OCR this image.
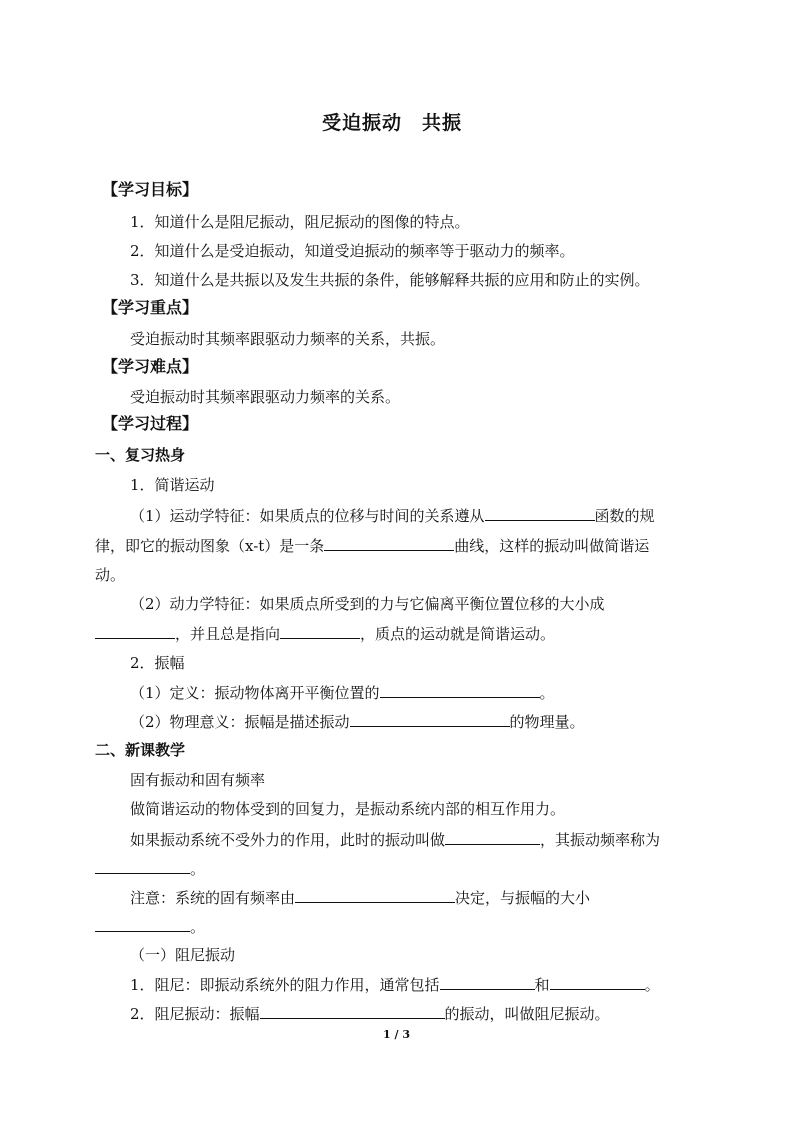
受迫振动　共振
【学习目标】
1．知道什么是阻尼振动，阻尼振动的图像的特点。
2．知道什么是受迫振动，知道受迫振动的频率等于驱动力的频率。
3．知道什么是共振以及发生共振的条件，能够解释共振的应用和防止的实例。
【学习重点】
受迫振动时其频率跟驱动力频率的关系，共振。
【学习难点】
受迫振动时其频率跟驱动力频率的关系。
【学习过程】
一、复习热身
1．简谐运动
（1）运动学特征：如果质点的位移与时间的关系遵从	函数的规
律，即它的振动图象（x-t）是一条	曲线，这样的振动叫做简谐运
动。
（2）动力学特征：如果质点所受到的力与它偏离平衡位置位移的大小成
，并且总是指向	，质点的运动就是简谐运动。
2．振幅
（1）定义：振动物体离开平衡位置的	。
（2）物理意义：振幅是描述振动	的物理量。
二、新课教学
固有振动和固有频率
做简谐运动的物体受到的回复力，是振动系统内部的相互作用力。
如果振动系统不受外力的作用，此时的振动叫做	，其振动频率称为
。
注意：系统的固有频率由	决定，与振幅的大小
。
（一）阻尼振动
1．阻尼：即振动系统外的阻力作用，通常包括	和	。
2．阻尼振动：振幅	的振动，叫做阻尼振动。
1 / 3
